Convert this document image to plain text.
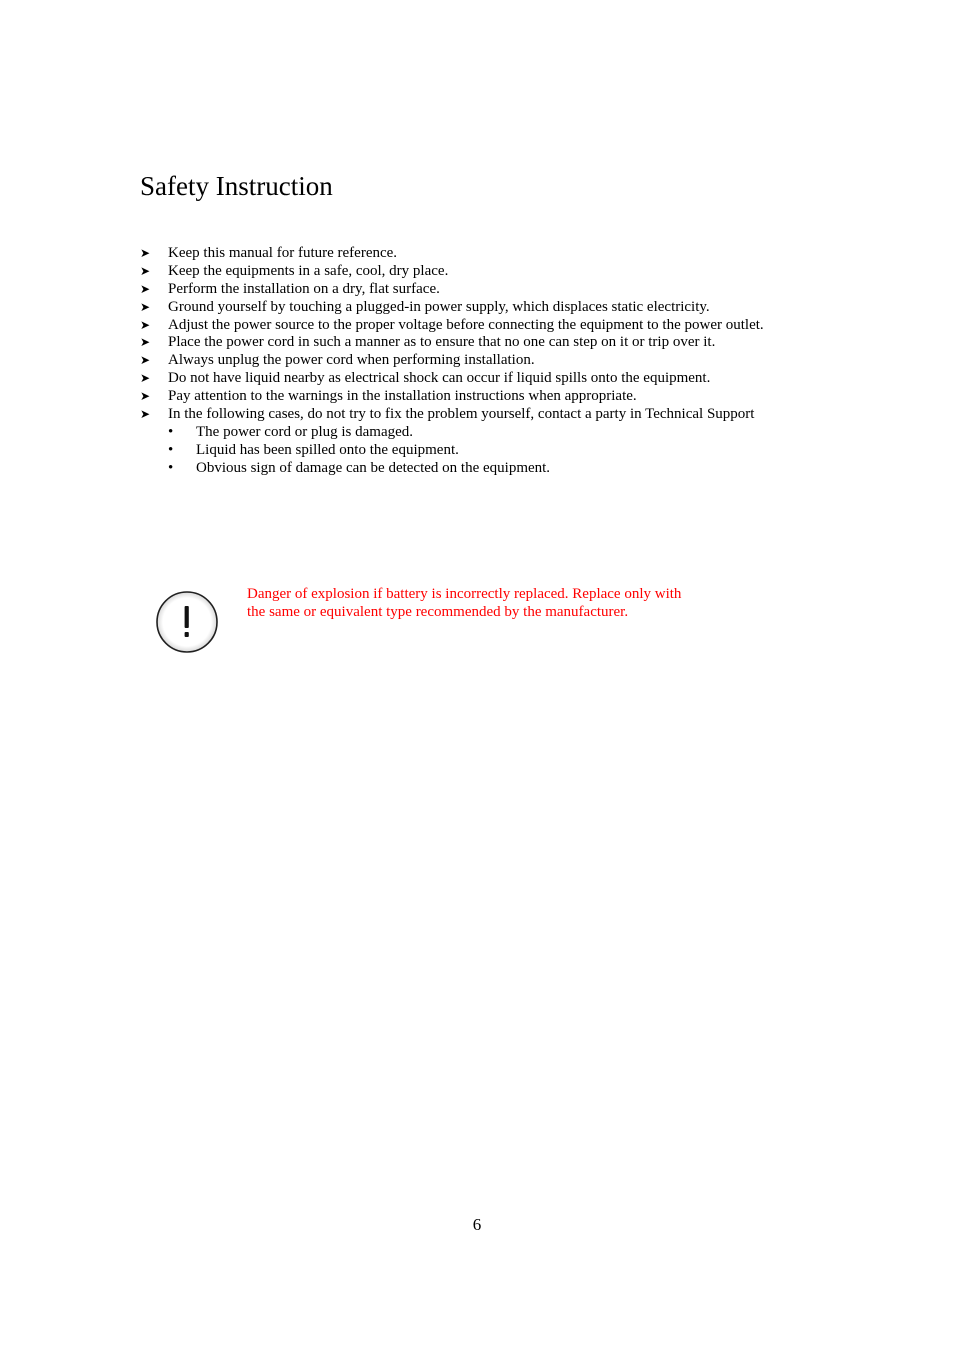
Safety Instruction
➤ Keep this manual for future reference.
➤ Keep the equipments in a safe, cool, dry place.
➤ Perform the installation on a dry, flat surface.
➤ Ground yourself by touching a plugged-in power supply, which displaces static electricity.
➤ Adjust the power source to the proper voltage before connecting the equipment to the power outlet.
➤ Place the power cord in such a manner as to ensure that no one can step on it or trip over it.
➤ Always unplug the power cord when performing installation.
➤ Do not have liquid nearby as electrical shock can occur if liquid spills onto the equipment.
➤ Pay attention to the warnings in the installation instructions when appropriate.
➤ In the following cases, do not try to fix the problem yourself, contact a party in Technical Support
• The power cord or plug is damaged.
• Liquid has been spilled onto the equipment.
• Obvious sign of damage can be detected on the equipment.
Danger of explosion if battery is incorrectly replaced. Replace only with
the same or equivalent type recommended by the manufacturer.
6
